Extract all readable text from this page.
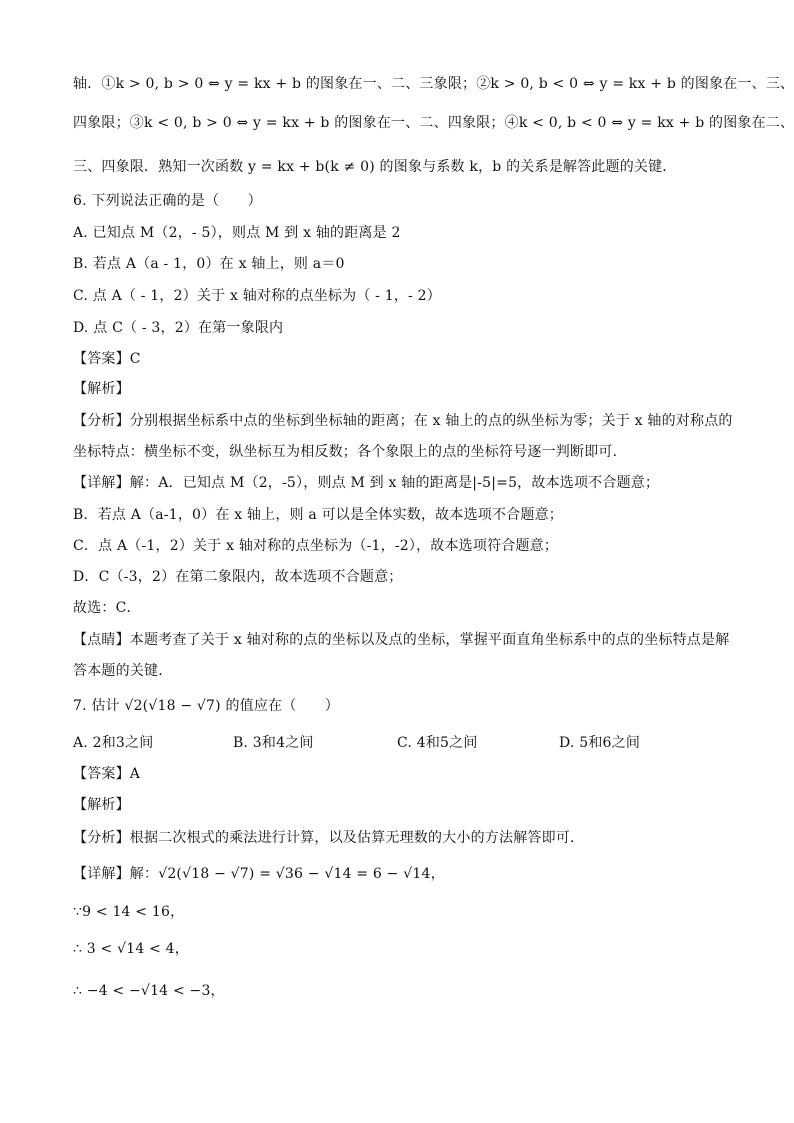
轴．①k > 0, b > 0 ⇔ y = kx + b 的图象在一、二、三象限；②k > 0, b < 0 ⇔ y = kx + b 的图象在一、三、
四象限；③k < 0, b > 0 ⇔ y = kx + b 的图象在一、二、四象限；④k < 0, b < 0 ⇔ y = kx + b 的图象在二、
三、四象限．熟知一次函数 y = kx + b(k ≠ 0) 的图象与系数 k，b 的关系是解答此题的关键．
6. 下列说法正确的是（　　）
A. 已知点 M（2，- 5），则点 M 到 x 轴的距离是 2
B. 若点 A（a - 1，0）在 x 轴上，则 a＝0
C. 点 A（ - 1，2）关于 x 轴对称的点坐标为（ - 1，- 2）
D. 点 C（ - 3，2）在第一象限内
【答案】C
【解析】
【分析】分别根据坐标系中点的坐标到坐标轴的距离；在 x 轴上的点的纵坐标为零；关于 x 轴的对称点的
坐标特点：横坐标不变，纵坐标互为相反数；各个象限上的点的坐标符号逐一判断即可．
【详解】解：A．已知点 M（2，-5），则点 M 到 x 轴的距离是|-5|=5，故本选项不合题意；
B．若点 A（a-1，0）在 x 轴上，则 a 可以是全体实数，故本选项不合题意；
C．点 A（-1，2）关于 x 轴对称的点坐标为（-1，-2），故本选项符合题意；
D．C（-3，2）在第二象限内，故本选项不合题意；
故选：C．
【点睛】本题考查了关于 x 轴对称的点的坐标以及点的坐标，掌握平面直角坐标系中的点的坐标特点是解
答本题的关键．
7. 估计 √2(√18 − √7) 的值应在（　　）
A. 2和3之间	B. 3和4之间	C. 4和5之间	D. 5和6之间
【答案】A
【解析】
【分析】根据二次根式的乘法进行计算，以及估算无理数的大小的方法解答即可．
【详解】解：√2(√18 − √7) = √36 − √14 = 6 − √14，
∵9 < 14 < 16，
∴ 3 < √14 < 4，
∴ −4 < −√14 < −3，
